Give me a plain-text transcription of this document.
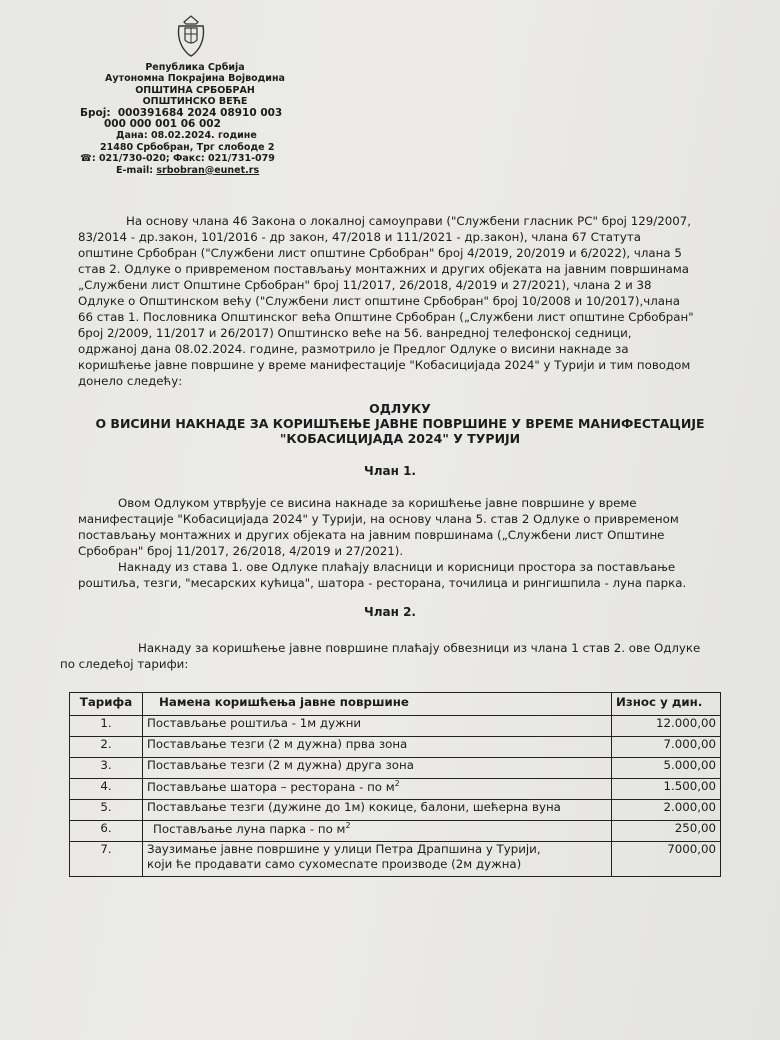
Република Србија
Аутономна Покрајина Војводина
ОПШТИНА СРБОБРАН
ОПШТИНСКО ВЕЋЕ
Број: 000391684 2024 08910 003
000 000 001 06 002
Дана: 08.02.2024. године
21480 Србобран, Трг слободе 2
☎: 021/730-020; Факс: 021/731-079
E-mail: srbobran@eunet.rs
На основу члана 46 Закона о локалној самоуправи ("Службени гласник РС" број 129/2007,
83/2014 - др.закон, 101/2016 - др закон, 47/2018 и 111/2021 - др.закон), члана 67 Статута
општине Србобран ("Службени лист општине Србобран" број 4/2019, 20/2019 и 6/2022), члана 5
став 2. Одлуке о привременом постављању монтажних и других објеката на јавним површинама
„Службени лист Општине Србобран" број 11/2017, 26/2018, 4/2019 и 27/2021), члана 2 и 38
Одлуке о Општинском већу ("Службени лист општине Србобран" број 10/2008 и 10/2017),члана
66 став 1. Пословника Општинског већа Општине Србобран („Службени лист општине Србобран"
број 2/2009, 11/2017 и 26/2017) Општинско веће на 56. ванредној телефонској седници,
одржаној дана 08.02.2024. године, размотрило је Предлог Одлуке о висини накнаде за
коришћење јавне површине у време манифестације "Кобасицијада 2024" у Турији и тим поводом
донело следећу:
ОДЛУКУ
О ВИСИНИ НАКНАДЕ ЗА КОРИШЋЕЊЕ ЈАВНЕ ПОВРШИНЕ У ВРЕМЕ МАНИФЕСТАЦИЈЕ
"КОБАСИЦИЈАДА 2024" У ТУРИЈИ
Члан 1.
Овом Одлуком утврђује се висина накнаде за коришћење јавне површине у време
манифестације "Кобасицијада 2024" у Турији, на основу члана 5. став 2 Одлуке о привременом
постављању монтажних и других објеката на јавним површинама („Службени лист Општине
Србобран" број 11/2017, 26/2018, 4/2019 и 27/2021).
Накнаду из става 1. ове Одлуке плаћају власници и корисници простора за постављање
роштиља, тезги, "месарских кућица", шатора - ресторана, точилица и рингишпила - луна парка.
Члан 2.
Накнаду за коришћење јавне површине плаћају обвезници из члана 1 став 2. ове Одлуке
по следећој тарифи:
Тарифа	Намена коришћења јавне површине	Износ у дин.
1.	Постављање роштиља - 1м дужни	12.000,00
2.	Постављање тезги (2 м дужна) прва зона	7.000,00
3.	Постављање тезги (2 м дужна) друга зона	5.000,00
4.	Постављање шатора – ресторана - по $м^2$	1.500,00
5.	Постављање тезги (дужине до 1м) кокице, балони, шећерна вуна	2.000,00
6.	Постављање луна парка - по $м^2$	250,00
7.	Заузимање јавне површине у улици Петра Драпшина у Турији,
који ће продавати само сухомесnате производе (2м дужна)	7000,00
